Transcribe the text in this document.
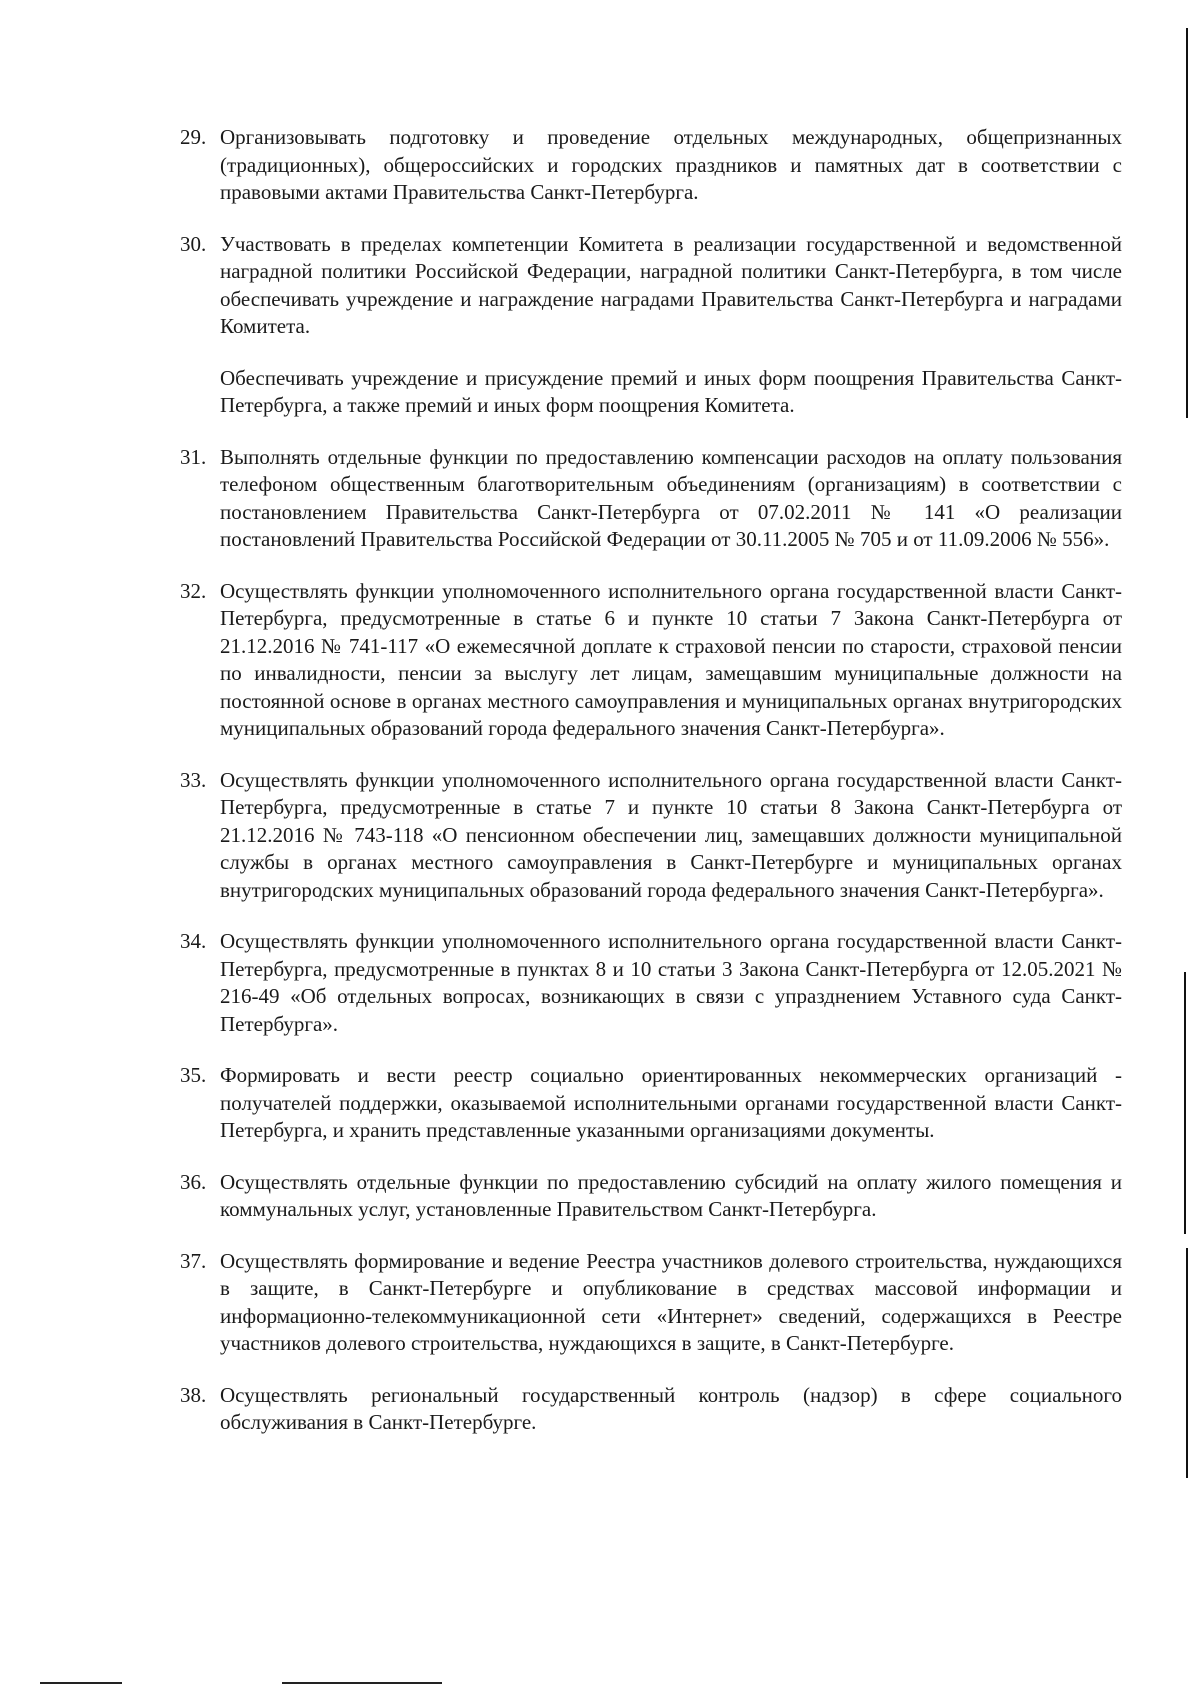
29. Организовывать подготовку и проведение отдельных международных, общепризнанных (традиционных), общероссийских и городских праздников и памятных дат в соответствии с правовыми актами Правительства Санкт-Петербурга.

30. Участвовать в пределах компетенции Комитета в реализации государственной и ведомственной наградной политики Российской Федерации, наградной политики Санкт-Петербурга, в том числе обеспечивать учреждение и награждение наградами Правительства Санкт-Петербурга и наградами Комитета.

Обеспечивать учреждение и присуждение премий и иных форм поощрения Правительства Санкт-Петербурга, а также премий и иных форм поощрения Комитета.

31. Выполнять отдельные функции по предоставлению компенсации расходов на оплату пользования телефоном общественным благотворительным объединениям (организациям) в соответствии с постановлением Правительства Санкт-Петербурга от 07.02.2011 № 141 «О реализации постановлений Правительства Российской Федерации от 30.11.2005 № 705 и от 11.09.2006 № 556».

32. Осуществлять функции уполномоченного исполнительного органа государственной власти Санкт-Петербурга, предусмотренные в статье 6 и пункте 10 статьи 7 Закона Санкт-Петербурга от 21.12.2016 № 741-117 «О ежемесячной доплате к страховой пенсии по старости, страховой пенсии по инвалидности, пенсии за выслугу лет лицам, замещавшим муниципальные должности на постоянной основе в органах местного самоуправления и муниципальных органах внутригородских муниципальных образований города федерального значения Санкт-Петербурга».

33. Осуществлять функции уполномоченного исполнительного органа государственной власти Санкт-Петербурга, предусмотренные в статье 7 и пункте 10 статьи 8 Закона Санкт-Петербурга от 21.12.2016 № 743-118 «О пенсионном обеспечении лиц, замещавших должности муниципальной службы в органах местного самоуправления в Санкт-Петербурге и муниципальных органах внутригородских муниципальных образований города федерального значения Санкт-Петербурга».

34. Осуществлять функции уполномоченного исполнительного органа государственной власти Санкт-Петербурга, предусмотренные в пунктах 8 и 10 статьи 3 Закона Санкт-Петербурга от 12.05.2021 № 216-49 «Об отдельных вопросах, возникающих в связи с упразднением Уставного суда Санкт-Петербурга».

35. Формировать и вести реестр социально ориентированных некоммерческих организаций - получателей поддержки, оказываемой исполнительными органами государственной власти Санкт-Петербурга, и хранить представленные указанными организациями документы.

36. Осуществлять отдельные функции по предоставлению субсидий на оплату жилого помещения и коммунальных услуг, установленные Правительством Санкт-Петербурга.

37. Осуществлять формирование и ведение Реестра участников долевого строительства, нуждающихся в защите, в Санкт-Петербурге и опубликование в средствах массовой информации и информационно-телекоммуникационной сети «Интернет» сведений, содержащихся в Реестре участников долевого строительства, нуждающихся в защите, в Санкт-Петербурге.

38. Осуществлять региональный государственный контроль (надзор) в сфере социального обслуживания в Санкт-Петербурге.
